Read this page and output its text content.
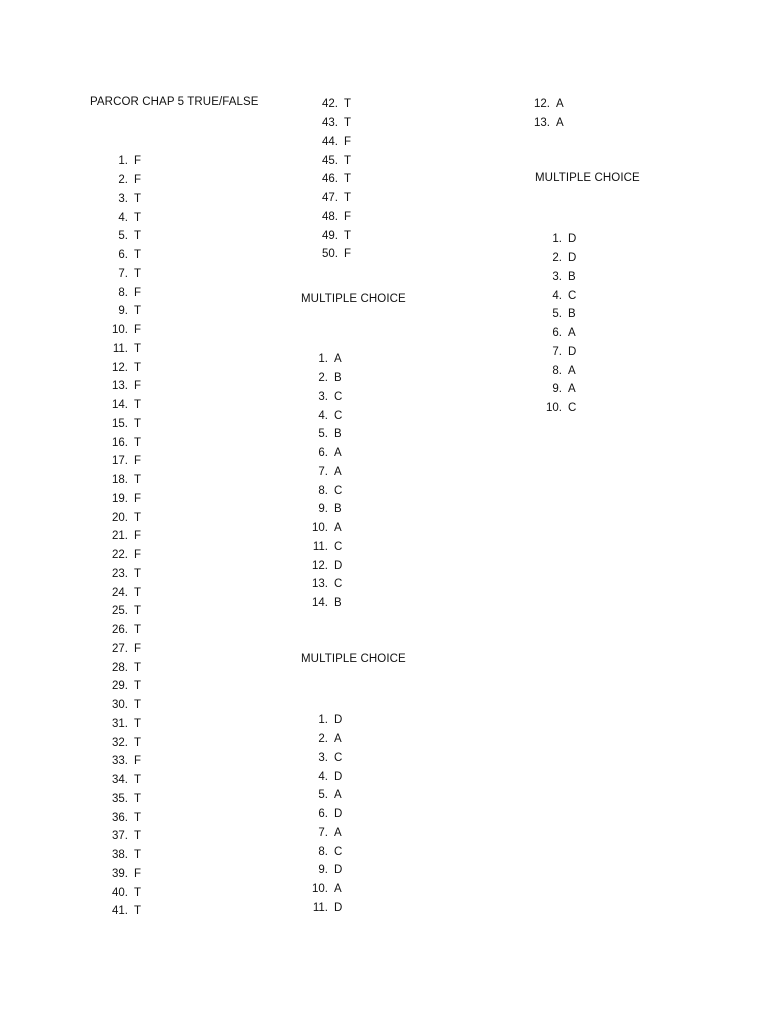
PARCOR CHAP 5 TRUE/FALSE
1. F
2. F
3. T
4. T
5. T
6. T
7. T
8. F
9. T
10. F
11. T
12. T
13. F
14. T
15. T
16. T
17. F
18. T
19. F
20. T
21. F
22. F
23. T
24. T
25. T
26. T
27. F
28. T
29. T
30. T
31. T
32. T
33. F
34. T
35. T
36. T
37. T
38. T
39. F
40. T
41. T
42. T
43. T
44. F
45. T
46. T
47. T
48. F
49. T
50. F
MULTIPLE CHOICE
1. A
2. B
3. C
4. C
5. B
6. A
7. A
8. C
9. B
10. A
11. C
12. D
13. C
14. B
MULTIPLE CHOICE
1. D
2. A
3. C
4. D
5. A
6. D
7. A
8. C
9. D
10. A
11. D
12. A
13. A
MULTIPLE CHOICE
1. D
2. D
3. B
4. C
5. B
6. A
7. D
8. A
9. A
10. C
